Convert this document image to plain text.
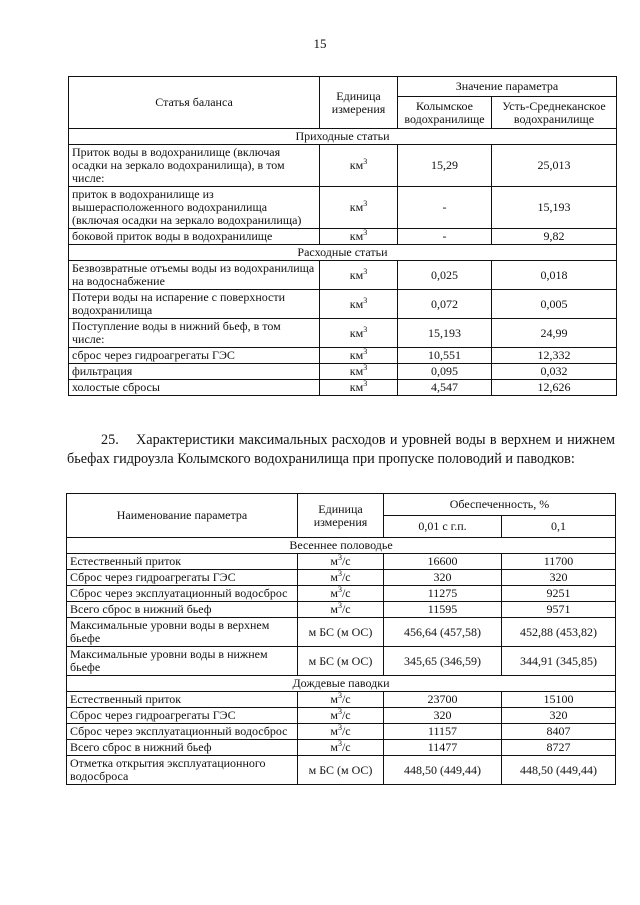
15
Статья баланса	Единица измерения	Значение параметра	
		Колымское водохранилище	Усть-Среднеканское водохранилище
Приходные статьи			
Приток воды в водохранилище (включая осадки на зеркало водохранилища), в том числе:	$км^3$	15,29	25,013
приток в водохранилище из вышерасположенного водохранилища (включая осадки на зеркало водохранилища)	$км^3$	-	15,193
боковой приток воды в водохранилище	$км^3$	-	9,82
Расходные статьи			
Безвозвратные отъемы воды из водохранилища на водоснабжение	$км^3$	0,025	0,018
Потери воды на испарение с поверхности водохранилища	$км^3$	0,072	0,005
Поступление воды в нижний бьеф, в том числе:	$км^3$	15,193	24,99
сброс через гидроагрегаты ГЭС	$км^3$	10,551	12,332
фильтрация	$км^3$	0,095	0,032
холостые сбросы	$км^3$	4,547	12,626
25. Характеристики максимальных расходов и уровней воды в верхнем и нижнем бьефах гидроузла Колымского водохранилища при пропуске половодий и паводков:
Наименование параметра	Единица измерения	Обеспеченность, %	
		0,01 с г.п.	0,1
Весеннее половодье			
Естественный приток	$м^3/с$	16600	11700
Сброс через гидроагрегаты ГЭС	$м^3/с$	320	320
Сброс через эксплуатационный водосброс	$м^3/с$	11275	9251
Всего сброс в нижний бьеф	$м^3/с$	11595	9571
Максимальные уровни воды в верхнем бьефе	м БС (м ОС)	456,64 (457,58)	452,88 (453,82)
Максимальные уровни воды в нижнем бьефе	м БС (м ОС)	345,65 (346,59)	344,91 (345,85)
Дождевые паводки			
Естественный приток	$м^3/с$	23700	15100
Сброс через гидроагрегаты ГЭС	$м^3/с$	320	320
Сброс через эксплуатационный водосброс	$м^3/с$	11157	8407
Всего сброс в нижний бьеф	$м^3/с$	11477	8727
Отметка открытия эксплуатационного водосброса	м БС (м ОС)	448,50 (449,44)	448,50 (449,44)
